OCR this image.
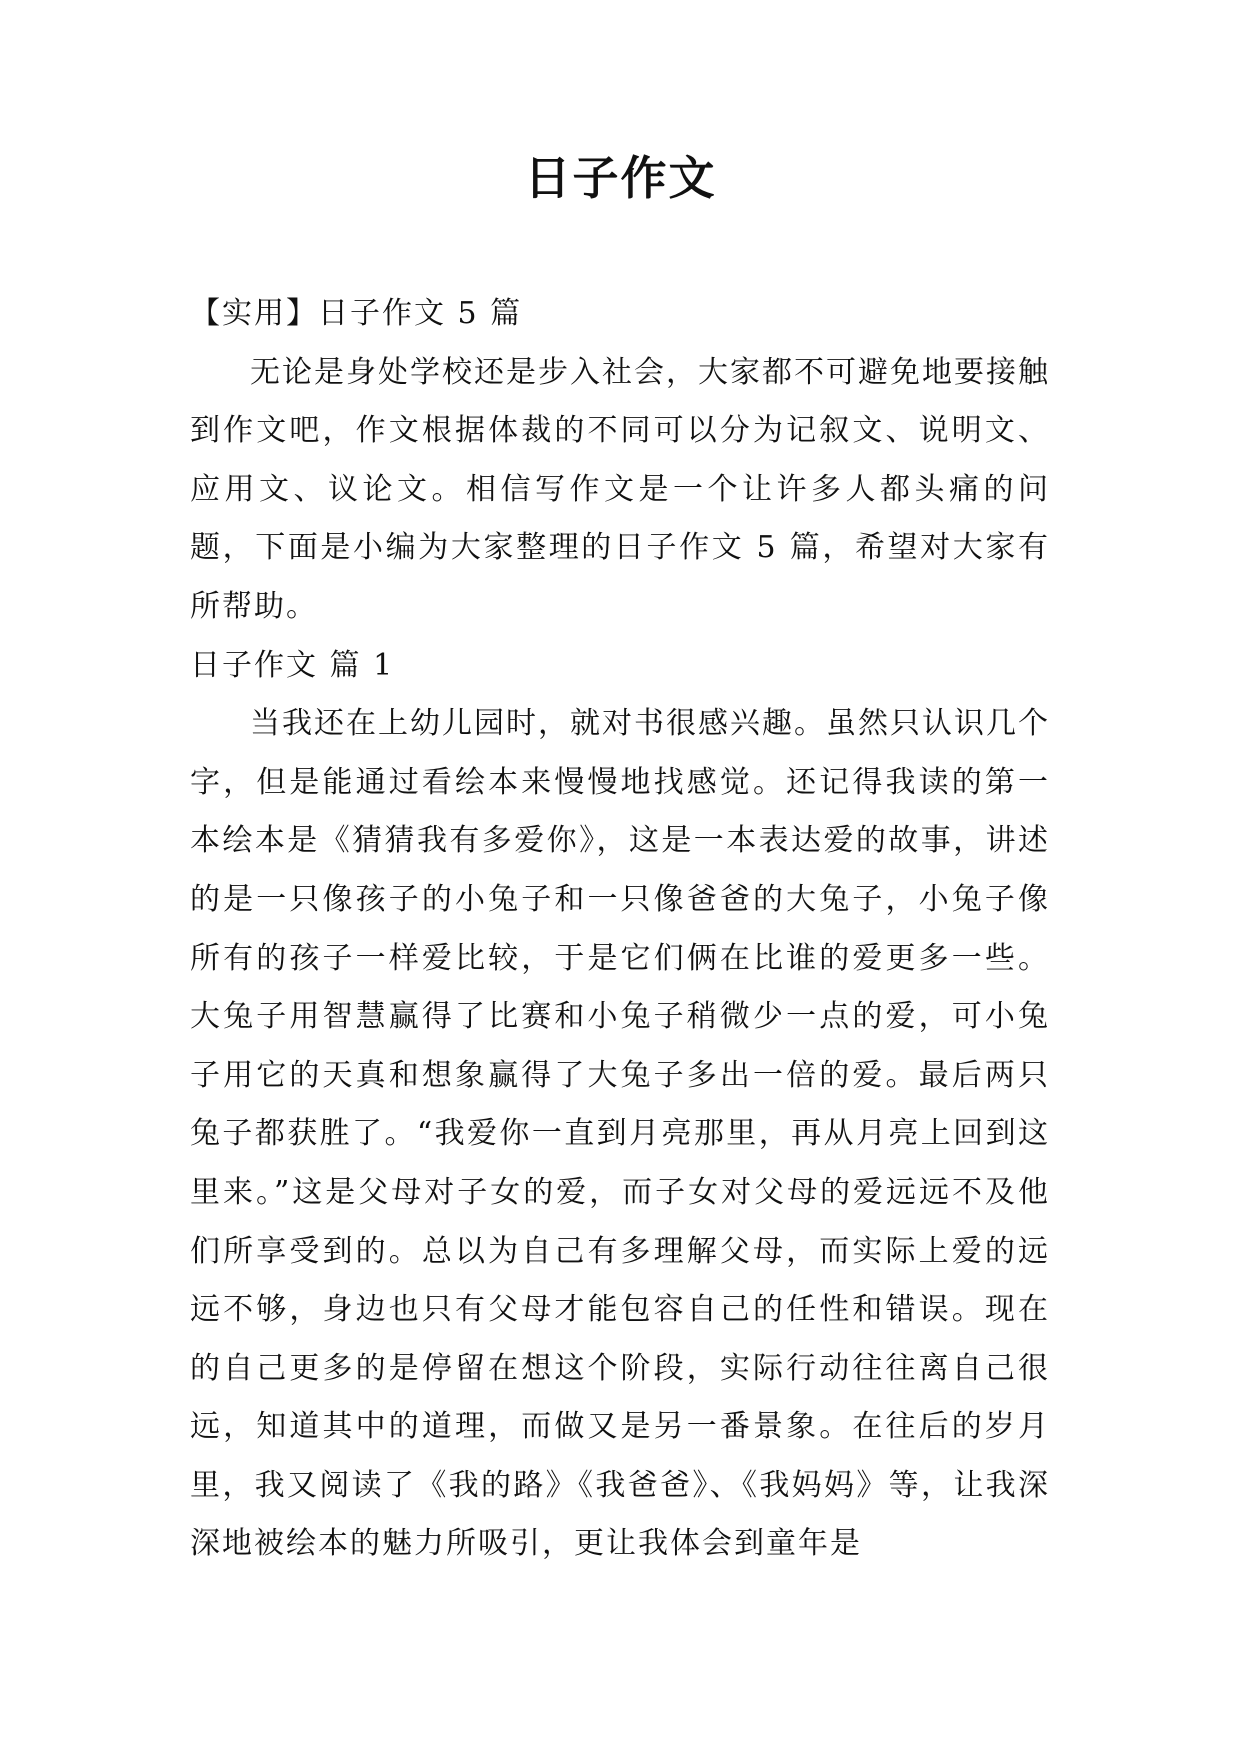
日子作文

【实用】日子作文 5 篇

无论是身处学校还是步入社会，大家都不可避免地要接触到作文吧，作文根据体裁的不同可以分为记叙文、说明文、应用文、议论文。相信写作文是一个让许多人都头痛的问题，下面是小编为大家整理的日子作文 5 篇，希望对大家有所帮助。

日子作文 篇 1

当我还在上幼儿园时，就对书很感兴趣。虽然只认识几个字，但是能通过看绘本来慢慢地找感觉。还记得我读的第一本绘本是《猜猜我有多爱你》，这是一本表达爱的故事，讲述的是一只像孩子的小兔子和一只像爸爸的大兔子，小兔子像所有的孩子一样爱比较，于是它们俩在比谁的爱更多一些。大兔子用智慧赢得了比赛和小兔子稍微少一点的爱，可小兔子用它的天真和想象赢得了大兔子多出一倍的爱。最后两只兔子都获胜了。“我爱你一直到月亮那里，再从月亮上回到这里来。”这是父母对子女的爱，而子女对父母的爱远远不及他们所享受到的。总以为自己有多理解父母，而实际上爱的远远不够，身边也只有父母才能包容自己的任性和错误。现在的自己更多的是停留在想这个阶段，实际行动往往离自己很远，知道其中的道理，而做又是另一番景象。在往后的岁月里，我又阅读了《我的路》《我爸爸》、《我妈妈》等，让我深深地被绘本的魅力所吸引，更让我体会到童年是
